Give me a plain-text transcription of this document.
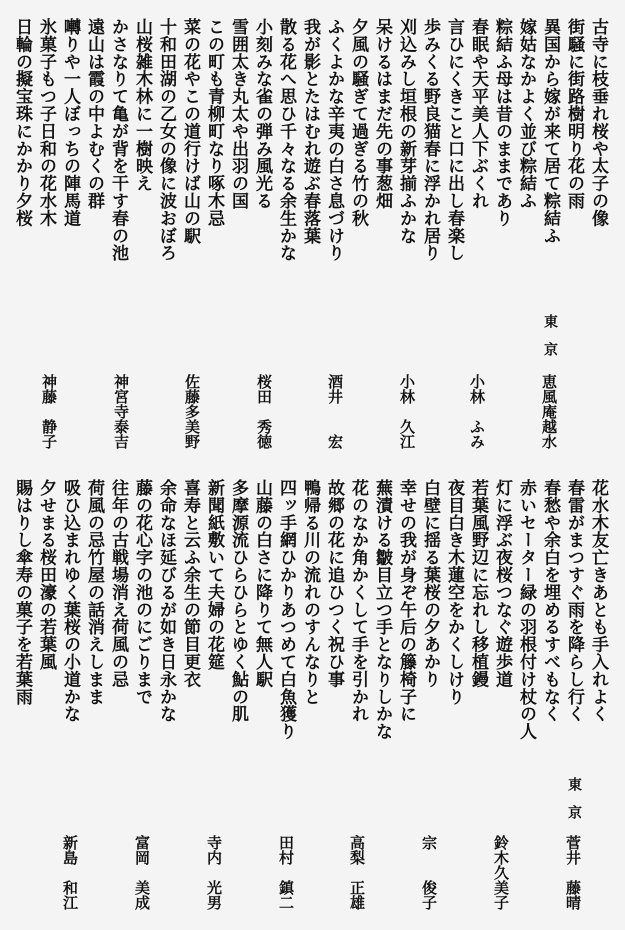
古寺に枝垂れ桜や太子の像
街騒に街路樹明り花の雨
異国から嫁が来て居て粽結ふ
嫁姑なかよく並び粽結ふ
粽結ふ母は昔のままであり
春眠や天平美人下ぶくれ
言ひにくきこと口に出し春楽し
歩みくる野良猫春に浮かれ居り
刈込みし垣根の新芽揃ふかな
呆けるはまだ先の事葱畑
夕風の騒ぎて過ぎる竹の秋
ふくよかな辛夷の白さ息づけり
我が影とたはむれ遊ぶ春落葉
散る花へ思ひ千々なる余生かな
小刻みな雀の弾み風光る
雪囲太き丸太や出羽の国
この町も青柳町なり啄木忌
菜の花やこの道行けば山の駅
十和田湖の乙女の像に波おぼろ
山桜雑木林に一樹映え
かさなりて亀が背を干す春の池
遠山は霞の中よむくの群
囀りや一人ぼっちの陣馬道
氷菓子もつ子日和の花水木
日輪の擬宝珠にかかり夕桜
東京
恵風庵越水
小林　ふみ
小林　久江
酒井　　宏
桜田　秀徳
佐藤多美野
神宮寺泰吉
神藤　静子
花水木友亡きあとも手入れよく
春雷がまつすぐ雨を降らし行く
春愁や余白を埋めるすべもなく
赤いセーター緑の羽根付け杖の人
灯に浮ぶ夜桜つなぐ遊歩道
若葉風野辺に忘れし移植鏝
夜目白き木蓮空をかくしけり
白壁に揺る葉桜の夕あかり
幸せの我が身ぞ午后の籐椅子に
蕪漬ける皺目立つ手となりしかな
花のなか角かくして手を引かれ
故郷の花に追ひつく祝ひ事
鴨帰る川の流れのすんなりと
四ッ手網ひかりあつめて白魚獲り
山藤の白さに降りて無人駅
多摩源流ひらひらとゆく鮎の肌
新聞紙敷いて夫婦の花筵
喜寿と云ふ余生の節目更衣
余命なほ延びるが如き日永かな
藤の花心字の池のにごりまで
往年の古戦場消え荷風の忌
荷風の忌竹屋の話消えしまま
吸ひ込まれゆく葉桜の小道かな
夕せまる桜田濠の若葉風
賜はりし傘寿の菓子を若葉雨
東京
菅井　藤晴
鈴木久美子
宗　　俊子
高梨　正雄
田村　鎮二
寺内　光男
富岡　美成
新島　和江
